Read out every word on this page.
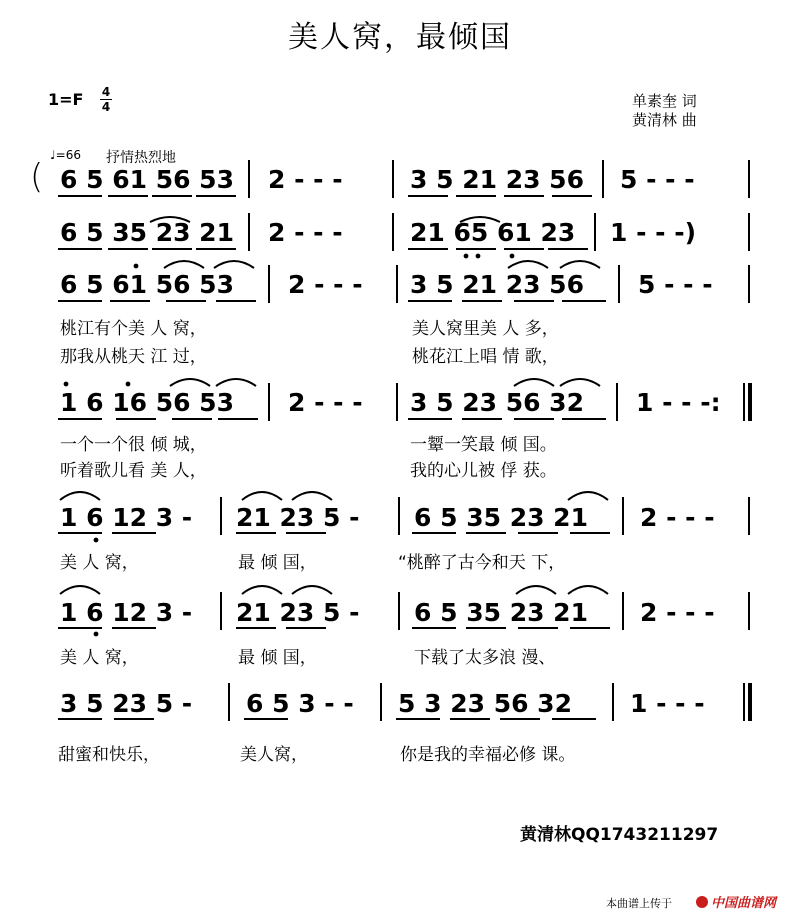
美人窝，最倾国
1=F 4
4	单素奎 词
黄清林 曲
♩=66 抒情热烈地
( 6 5 61 56 53 2 - - -	3 5 21 23 56 5 - - -
6 5 35 23 21 2 - - -	21 65 61 23 1 - - -)
6 5 61 56 53 2 - - - 3 5 21 23 56 5 - - -
桃江有个美 人 窝，	美人窝里美 人 多，
那我从桃天 江 过，	桃花江上唱 情 歌，
1 6 16 56 53 2 - - - 3 5 23 56 32 1 - - -:
一个一个很 倾 城，	一颦一笑最 倾 国。
听着歌儿看 美 人，	我的心儿被 俘 获。
1 6 12 3 - 21 23 5 - 6 5 35 23 21 2 - - -
美 人 窝，	最 倾 国，	“桃醉了古今和天 下，
1 6 12 3 - 21 23 5 - 6 5 35 23 21 2 - - -
美 人 窝，	最 倾 国，	下载了太多浪 漫、
3 5 23 5 - 6 5 3 - - 5 3 23 56 32 1 - - -
甜蜜和快乐，	美人窝，	你是我的幸福必修 课。
黄清林QQ1743211297
本曲谱上传于	中国曲谱网
